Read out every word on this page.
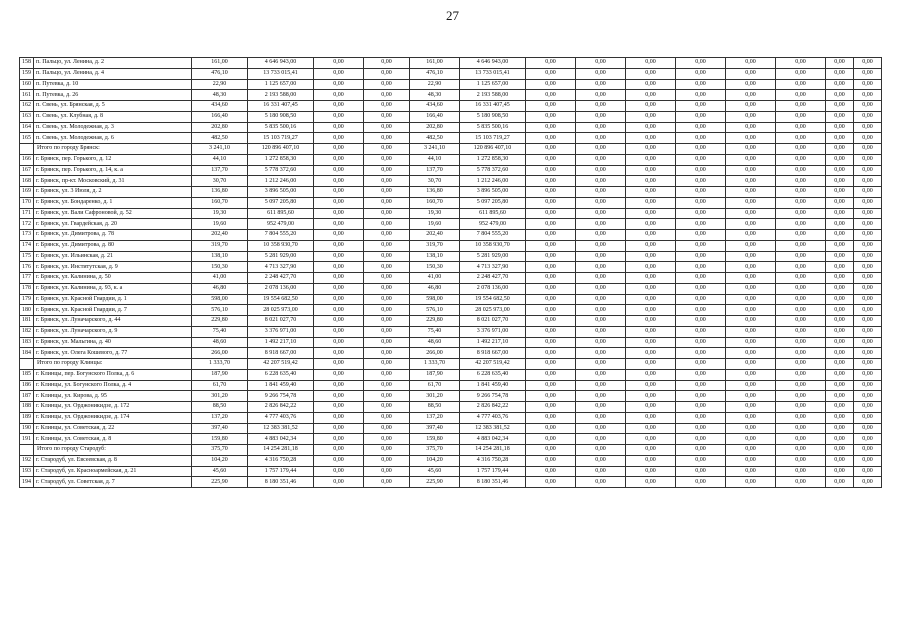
27
158	п. Пальцо, ул. Ленина, д. 2	161,00	4 646 943,00	0,00	0,00	161,00	4 646 943,00	0,00	0,00	0,00	0,00	0,00	0,00	0,00	0,00
159	п. Пальцо, ул. Ленина, д. 4	476,10	13 733 015,41	0,00	0,00	476,10	13 733 015,41	0,00	0,00	0,00	0,00	0,00	0,00	0,00	0,00
160	п. Путевка, д. 10	22,90	1 125 657,00	0,00	0,00	22,90	1 125 657,00	0,00	0,00	0,00	0,00	0,00	0,00	0,00	0,00
161	п. Путевка, д. 26	48,30	2 193 588,00	0,00	0,00	48,30	2 193 588,00	0,00	0,00	0,00	0,00	0,00	0,00	0,00	0,00
162	п. Свень, ул. Брянская, д. 5	434,60	16 331 407,45	0,00	0,00	434,60	16 331 407,45	0,00	0,00	0,00	0,00	0,00	0,00	0,00	0,00
163	п. Свень, ул. Клубная, д. 8	166,40	5 180 908,50	0,00	0,00	166,40	5 180 908,50	0,00	0,00	0,00	0,00	0,00	0,00	0,00	0,00
164	п. Свень, ул. Молодежная, д. 3	202,80	5 835 500,16	0,00	0,00	202,80	5 835 500,16	0,00	0,00	0,00	0,00	0,00	0,00	0,00	0,00
165	п. Свень, ул. Молодежная, д. 6	482,50	15 103 719,27	0,00	0,00	482,50	15 103 719,27	0,00	0,00	0,00	0,00	0,00	0,00	0,00	0,00
	Итого по городу Брянск:	3 241,10	120 896 407,10	0,00	0,00	3 241,10	120 896 407,10	0,00	0,00	0,00	0,00	0,00	0,00	0,00	0,00
166	г. Брянск, пер. Горького, д. 12	44,10	1 272 858,30	0,00	0,00	44,10	1 272 858,30	0,00	0,00	0,00	0,00	0,00	0,00	0,00	0,00
167	г. Брянск, пер. Горького, д. 14, к. а	137,70	5 778 372,60	0,00	0,00	137,70	5 778 372,60	0,00	0,00	0,00	0,00	0,00	0,00	0,00	0,00
168	г. Брянск, пр-кт. Московский, д. 31	30,70	1 212 246,00	0,00	0,00	30,70	1 212 246,00	0,00	0,00	0,00	0,00	0,00	0,00	0,00	0,00
169	г. Брянск, ул. 3 Июля, д. 2	136,80	3 896 505,00	0,00	0,00	136,80	3 896 505,00	0,00	0,00	0,00	0,00	0,00	0,00	0,00	0,00
170	г. Брянск, ул. Бондаренко, д. 1	160,70	5 097 205,80	0,00	0,00	160,70	5 097 205,80	0,00	0,00	0,00	0,00	0,00	0,00	0,00	0,00
171	г. Брянск, ул. Вали Сафроновой, д. 52	19,30	611 895,60	0,00	0,00	19,30	611 895,60	0,00	0,00	0,00	0,00	0,00	0,00	0,00	0,00
172	г. Брянск, ул. Гвардейская, д. 20	19,60	952 479,00	0,00	0,00	19,60	952 479,00	0,00	0,00	0,00	0,00	0,00	0,00	0,00	0,00
173	г. Брянск, ул. Димитрова, д. 78	202,40	7 804 555,20	0,00	0,00	202,40	7 804 555,20	0,00	0,00	0,00	0,00	0,00	0,00	0,00	0,00
174	г. Брянск, ул. Димитрова, д. 80	319,70	10 358 930,70	0,00	0,00	319,70	10 358 930,70	0,00	0,00	0,00	0,00	0,00	0,00	0,00	0,00
175	г. Брянск, ул. Ильинская, д. 21	138,10	5 281 929,00	0,00	0,00	138,10	5 281 929,00	0,00	0,00	0,00	0,00	0,00	0,00	0,00	0,00
176	г. Брянск, ул. Институтская, д. 9	150,30	4 713 327,90	0,00	0,00	150,30	4 713 327,90	0,00	0,00	0,00	0,00	0,00	0,00	0,00	0,00
177	г. Брянск, ул. Калинина, д. 50	41,00	2 248 427,70	0,00	0,00	41,00	2 248 427,70	0,00	0,00	0,00	0,00	0,00	0,00	0,00	0,00
178	г. Брянск, ул. Калинина, д. 93, к. а	46,80	2 078 136,00	0,00	0,00	46,80	2 078 136,00	0,00	0,00	0,00	0,00	0,00	0,00	0,00	0,00
179	г. Брянск, ул. Красной Гвардии, д. 1	598,00	19 554 682,50	0,00	0,00	598,00	19 554 682,50	0,00	0,00	0,00	0,00	0,00	0,00	0,00	0,00
180	г. Брянск, ул. Красной Гвардии, д. 7	576,10	28 025 973,00	0,00	0,00	576,10	28 025 973,00	0,00	0,00	0,00	0,00	0,00	0,00	0,00	0,00
181	г. Брянск, ул. Луначарского, д. 44	229,80	8 021 027,70	0,00	0,00	229,80	8 021 027,70	0,00	0,00	0,00	0,00	0,00	0,00	0,00	0,00
182	г. Брянск, ул. Луначарского, д. 9	75,40	3 376 971,00	0,00	0,00	75,40	3 376 971,00	0,00	0,00	0,00	0,00	0,00	0,00	0,00	0,00
183	г. Брянск, ул. Мальгина, д. 40	48,60	1 492 217,10	0,00	0,00	48,60	1 492 217,10	0,00	0,00	0,00	0,00	0,00	0,00	0,00	0,00
184	г. Брянск, ул. Олега Кошевого, д. 77	266,00	8 918 667,00	0,00	0,00	266,00	8 918 667,00	0,00	0,00	0,00	0,00	0,00	0,00	0,00	0,00
	Итого по городу Клинцы:	1 333,70	42 207 519,42	0,00	0,00	1 333,70	42 207 519,42	0,00	0,00	0,00	0,00	0,00	0,00	0,00	0,00
185	г. Клинцы, пер. Богунского Полка, д. 6	187,90	6 228 635,40	0,00	0,00	187,90	6 228 635,40	0,00	0,00	0,00	0,00	0,00	0,00	0,00	0,00
186	г. Клинцы, ул. Богунского Полка, д. 4	61,70	1 841 459,40	0,00	0,00	61,70	1 841 459,40	0,00	0,00	0,00	0,00	0,00	0,00	0,00	0,00
187	г. Клинцы, ул. Кирова, д. 95	301,20	9 266 754,78	0,00	0,00	301,20	9 266 754,78	0,00	0,00	0,00	0,00	0,00	0,00	0,00	0,00
188	г. Клинцы, ул. Орджоникидзе, д. 172	88,50	2 826 842,22	0,00	0,00	88,50	2 826 842,22	0,00	0,00	0,00	0,00	0,00	0,00	0,00	0,00
189	г. Клинцы, ул. Орджоникидзе, д. 174	137,20	4 777 403,76	0,00	0,00	137,20	4 777 403,76	0,00	0,00	0,00	0,00	0,00	0,00	0,00	0,00
190	г. Клинцы, ул. Советская, д. 22	397,40	12 383 381,52	0,00	0,00	397,40	12 383 381,52	0,00	0,00	0,00	0,00	0,00	0,00	0,00	0,00
191	г. Клинцы, ул. Советская, д. 8	159,80	4 883 042,34	0,00	0,00	159,80	4 883 042,34	0,00	0,00	0,00	0,00	0,00	0,00	0,00	0,00
	Итого по городу Стародуб:	375,70	14 254 281,18	0,00	0,00	375,70	14 254 281,18	0,00	0,00	0,00	0,00	0,00	0,00	0,00	0,00
192	г. Стародуб, ул. Евсеевская, д. 8	104,20	4 316 750,28	0,00	0,00	104,20	4 316 750,28	0,00	0,00	0,00	0,00	0,00	0,00	0,00	0,00
193	г. Стародуб, ул. Красноармейская, д. 21	45,60	1 757 179,44	0,00	0,00	45,60	1 757 179,44	0,00	0,00	0,00	0,00	0,00	0,00	0,00	0,00
194	г. Стародуб, ул. Советская, д. 7	225,90	8 180 351,46	0,00	0,00	225,90	8 180 351,46	0,00	0,00	0,00	0,00	0,00	0,00	0,00	0,00
